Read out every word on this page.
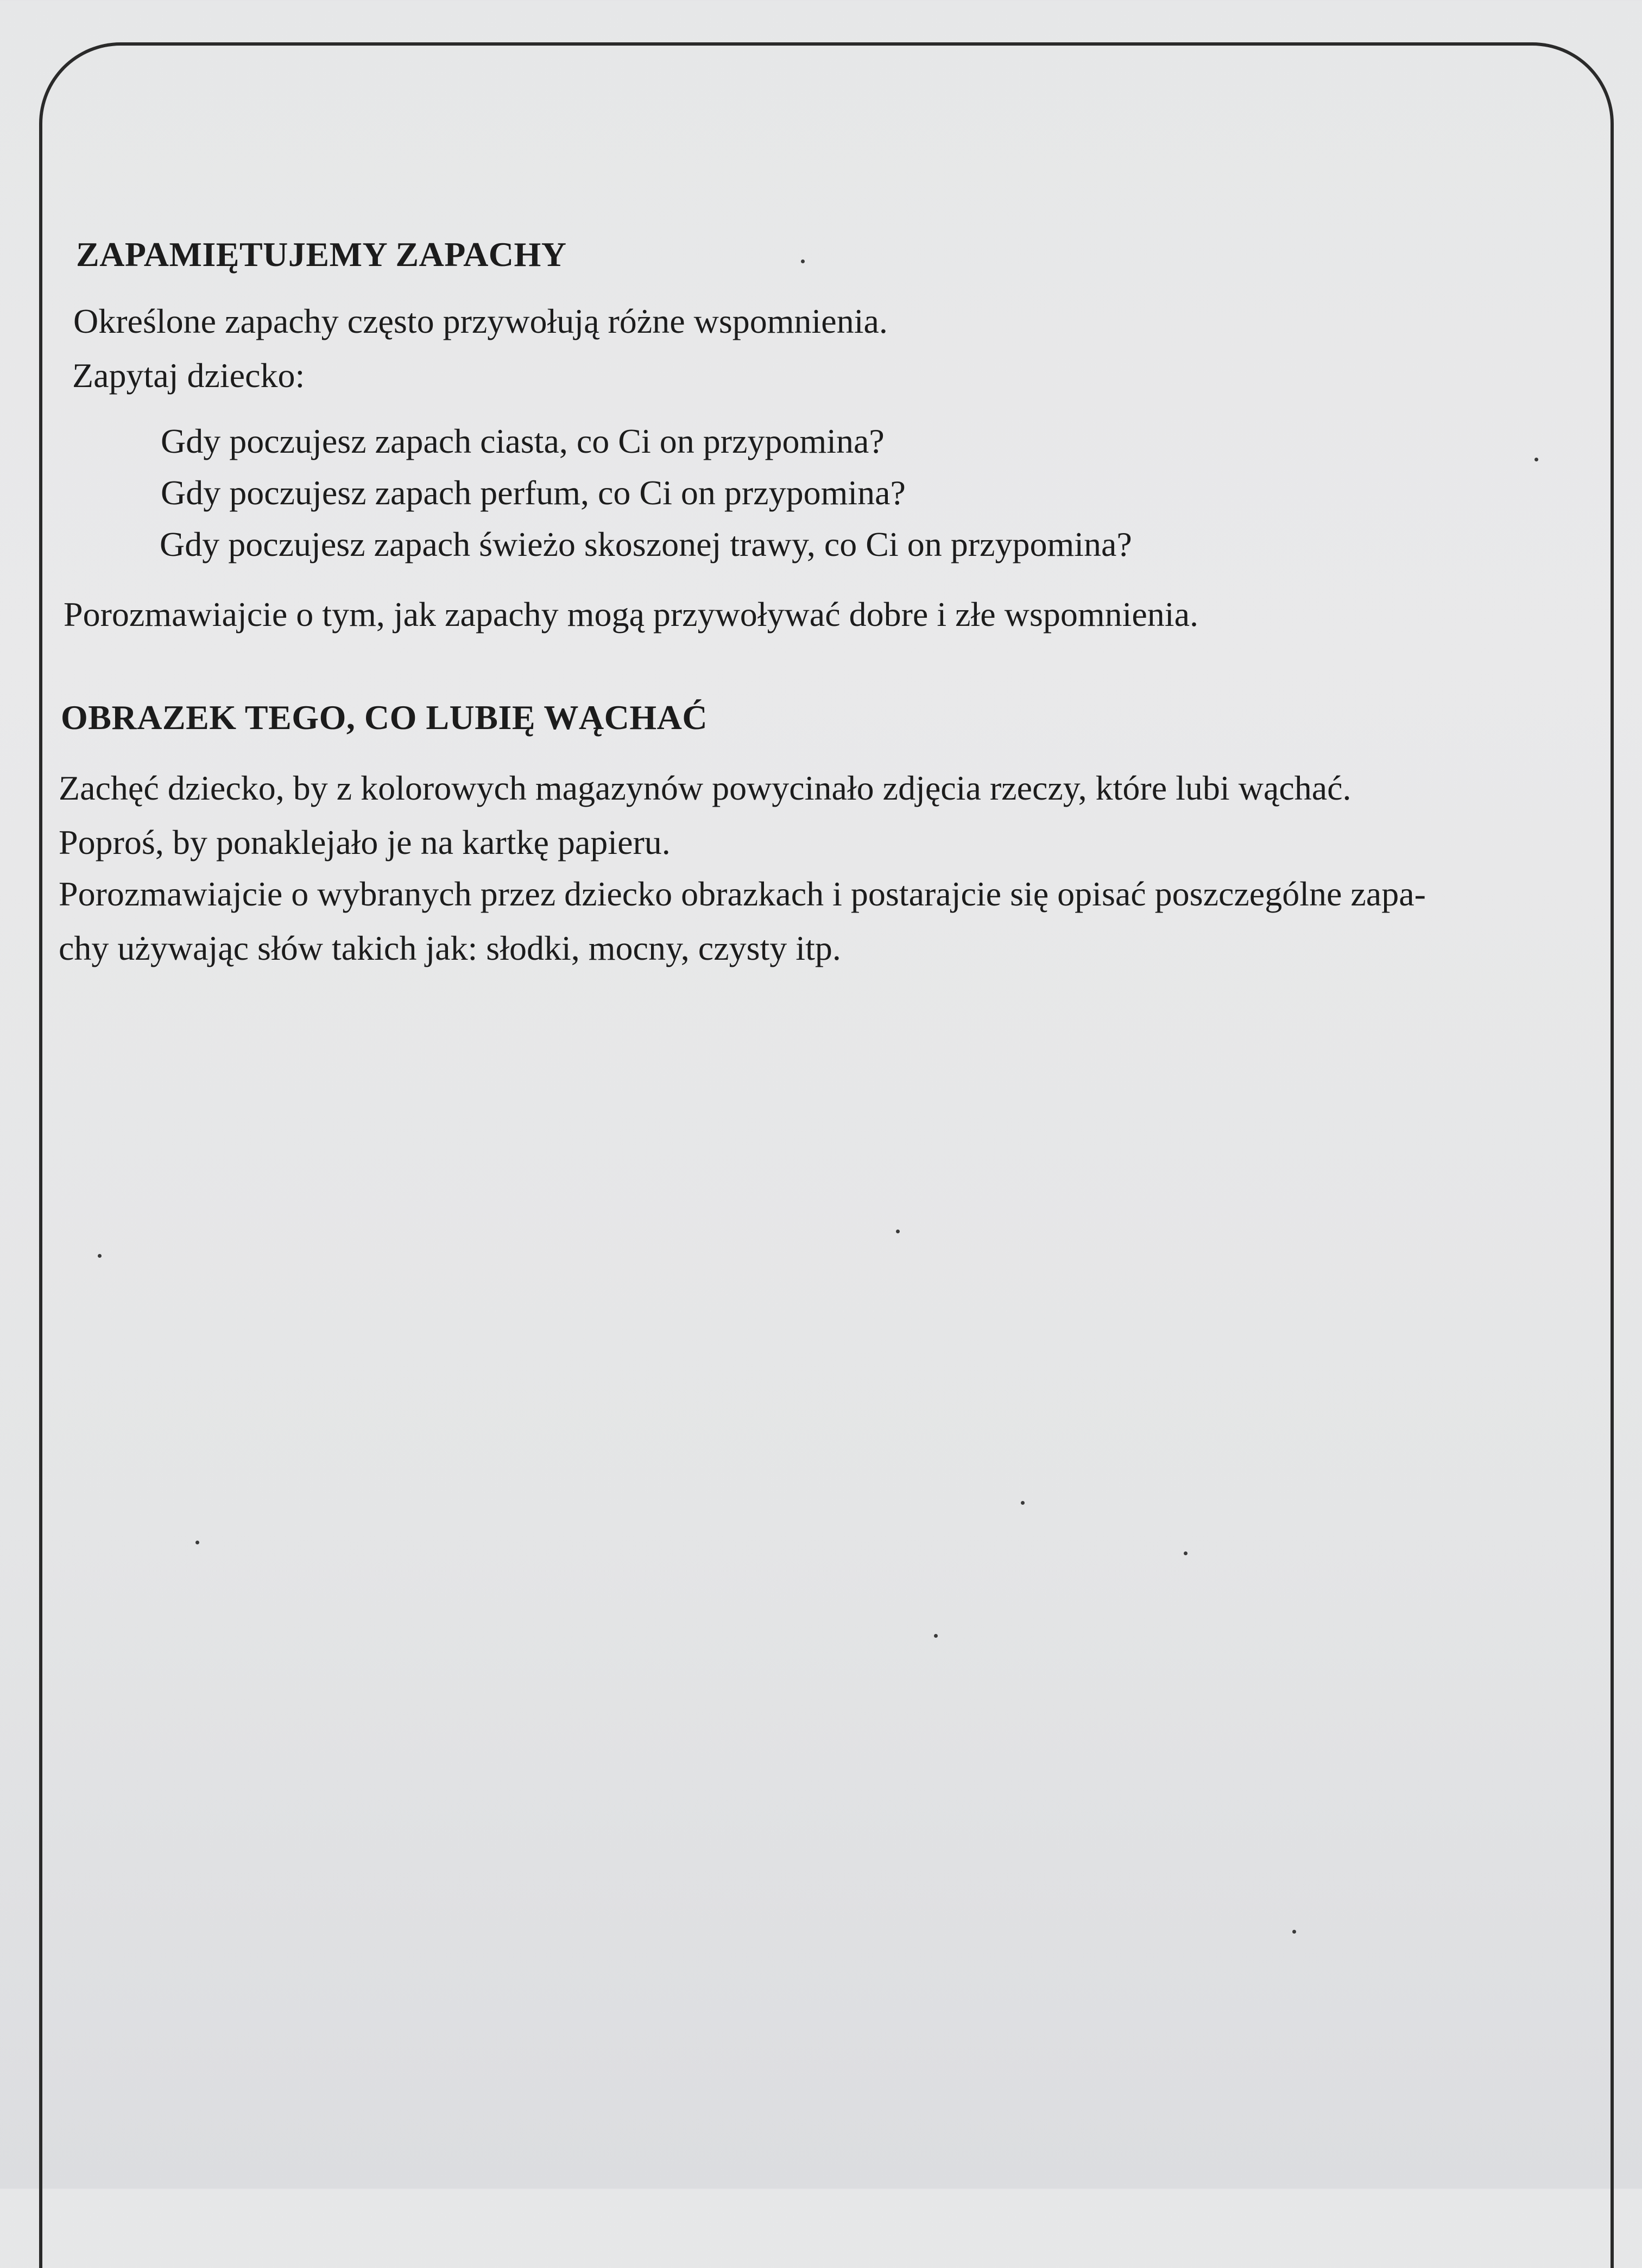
ZAPAMIĘTUJEMY ZAPACHY
Określone zapachy często przywołują różne wspomnienia.
Zapytaj dziecko:
Gdy poczujesz zapach ciasta, co Ci on przypomina?
Gdy poczujesz zapach perfum, co Ci on przypomina?
Gdy poczujesz zapach świeżo skoszonej trawy, co Ci on przypomina?
Porozmawiajcie o tym, jak zapachy mogą przywoływać dobre i złe wspomnienia.
OBRAZEK TEGO, CO LUBIĘ WĄCHAĆ
Zachęć dziecko, by z kolorowych magazynów powycinało zdjęcia rzeczy, które lubi wąchać.
Poproś, by ponaklejało je na kartkę papieru.
Porozmawiajcie o wybranych przez dziecko obrazkach i postarajcie się opisać poszczególne zapa-
chy używając słów takich jak: słodki, mocny, czysty itp.
